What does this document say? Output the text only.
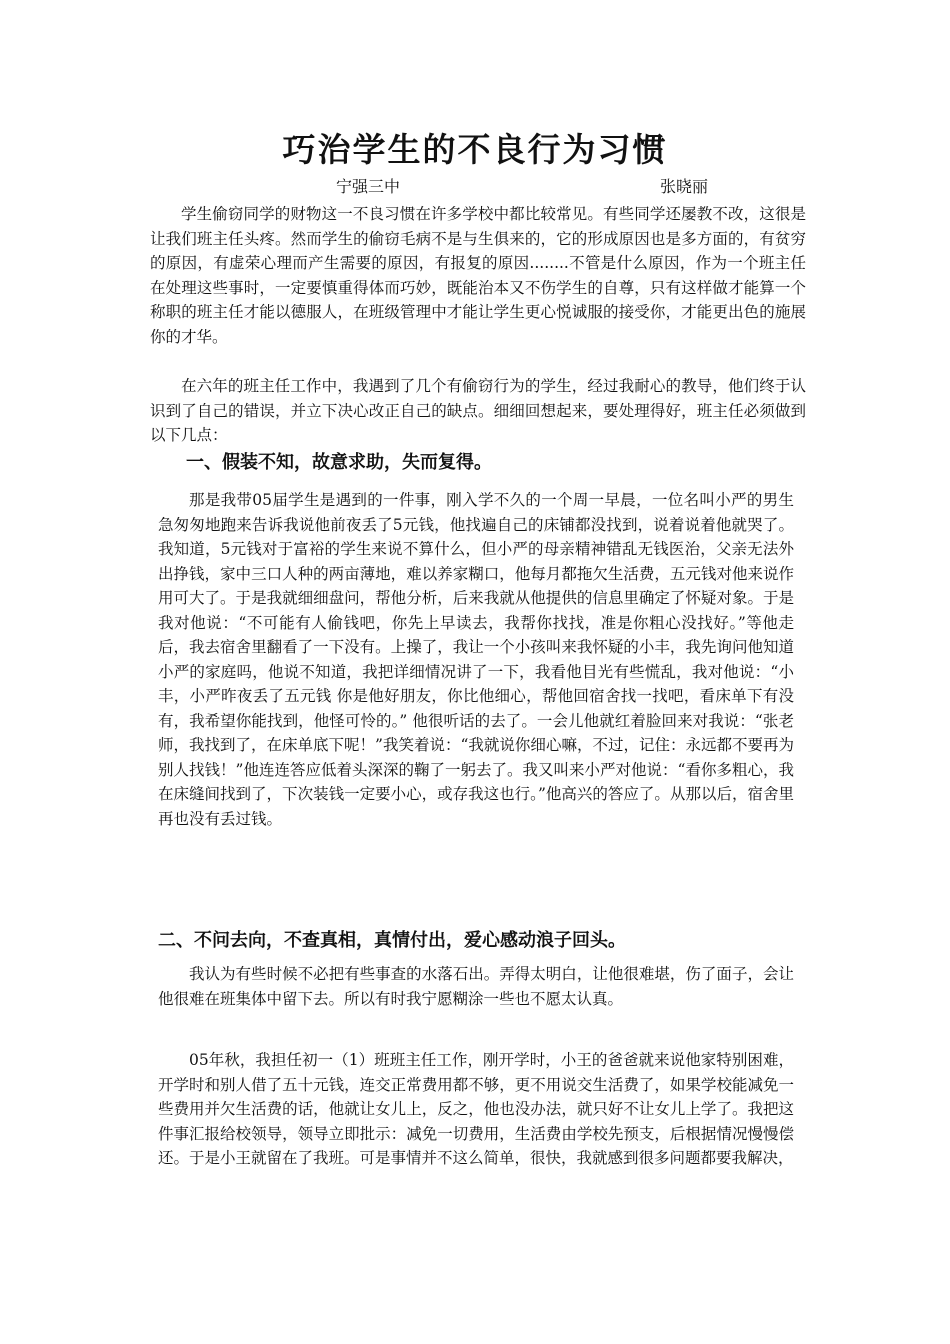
巧治学生的不良行为习惯
宁强三中	张晓丽

学生偷窃同学的财物这一不良习惯在许多学校中都比较常见。有些同学还屡教不改，这很是让我们班主任头疼。然而学生的偷窃毛病不是与生俱来的，它的形成原因也是多方面的，有贫穷的原因，有虚荣心理而产生需要的原因，有报复的原因........不管是什么原因，作为一个班主任在处理这些事时，一定要慎重得体而巧妙，既能治本又不伤学生的自尊，只有这样做才能算一个称职的班主任才能以德服人，在班级管理中才能让学生更心悦诚服的接受你，才能更出色的施展你的才华。

在六年的班主任工作中，我遇到了几个有偷窃行为的学生，经过我耐心的教导，他们终于认识到了自己的错误，并立下决心改正自己的缺点。细细回想起来，要处理得好，班主任必须做到以下几点：

一、假装不知，故意求助，失而复得。

那是我带05届学生是遇到的一件事，刚入学不久的一个周一早晨，一位名叫小严的男生急匆匆地跑来告诉我说他前夜丢了5元钱，他找遍自己的床铺都没找到，说着说着他就哭了。我知道，5元钱对于富裕的学生来说不算什么，但小严的母亲精神错乱无钱医治，父亲无法外出挣钱，家中三口人种的两亩薄地，难以养家糊口，他每月都拖欠生活费，五元钱对他来说作用可大了。于是我就细细盘问，帮他分析，后来我就从他提供的信息里确定了怀疑对象。于是我对他说：“不可能有人偷钱吧，你先上早读去，我帮你找找，准是你粗心没找好。”等他走后，我去宿舍里翻看了一下没有。上操了，我让一个小孩叫来我怀疑的小丰，我先询问他知道小严的家庭吗，他说不知道，我把详细情况讲了一下，我看他目光有些慌乱，我对他说：“小丰，小严昨夜丢了五元钱 你是他好朋友，你比他细心，帮他回宿舍找一找吧，看床单下有没有，我希望你能找到，他怪可怜的。” 他很听话的去了。一会儿他就红着脸回来对我说：“张老师，我找到了，在床单底下呢！”我笑着说：“我就说你细心嘛，不过，记住：永远都不要再为别人找钱！”他连连答应低着头深深的鞠了一躬去了。我又叫来小严对他说：“看你多粗心，我在床缝间找到了，下次装钱一定要小心，或存我这也行。”他高兴的答应了。从那以后，宿舍里再也没有丢过钱。

二、不问去向，不查真相，真情付出，爱心感动浪子回头。

我认为有些时候不必把有些事查的水落石出。弄得太明白，让他很难堪，伤了面子，会让他很难在班集体中留下去。所以有时我宁愿糊涂一些也不愿太认真。

05年秋，我担任初一（1）班班主任工作，刚开学时，小王的爸爸就来说他家特别困难，开学时和别人借了五十元钱，连交正常费用都不够，更不用说交生活费了，如果学校能减免一些费用并欠生活费的话，他就让女儿上，反之，他也没办法，就只好不让女儿上学了。我把这件事汇报给校领导，领导立即批示：减免一切费用，生活费由学校先预支，后根据情况慢慢偿还。于是小王就留在了我班。可是事情并不这么简单，很快，我就感到很多问题都要我解决，
